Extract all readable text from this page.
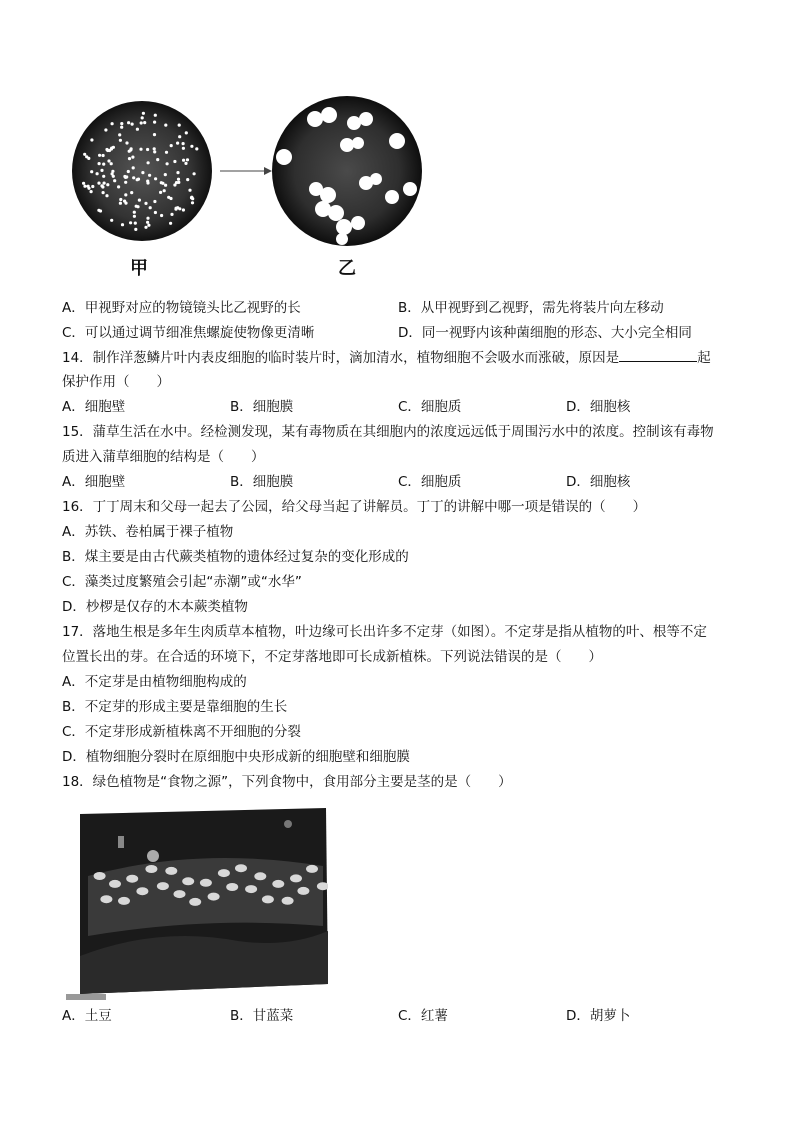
甲	乙
A．甲视野对应的物镜镜头比乙视野的长	B．从甲视野到乙视野，需先将装片向左移动
C．可以通过调节细准焦螺旋使物像更清晰	D．同一视野内该种菌细胞的形态、大小完全相同
14．制作洋葱鳞片叶内表皮细胞的临时装片时，滴加清水，植物细胞不会吸水而涨破，原因是	起
保护作用（　　）
A．细胞壁	B．细胞膜	C．细胞质	D．细胞核
15．蒲草生活在水中。经检测发现，某有毒物质在其细胞内的浓度远远低于周围污水中的浓度。控制该有毒物
质进入蒲草细胞的结构是（　　）
A．细胞壁	B．细胞膜	C．细胞质	D．细胞核
16．丁丁周末和父母一起去了公园，给父母当起了讲解员。丁丁的讲解中哪一项是错误的（　　）
A．苏铁、卷柏属于裸子植物
B．煤主要是由古代蕨类植物的遗体经过复杂的变化形成的
C．藻类过度繁殖会引起“赤潮”或“水华”
D．杪椤是仅存的木本蕨类植物
17．落地生根是多年生肉质草本植物，叶边缘可长出许多不定芽（如图）。不定芽是指从植物的叶、根等不定
位置长出的芽。在合适的环境下，不定芽落地即可长成新植株。下列说法错误的是（　　）
A．不定芽是由植物细胞构成的
B．不定芽的形成主要是靠细胞的生长
C．不定芽形成新植株离不开细胞的分裂
D．植物细胞分裂时在原细胞中央形成新的细胞壁和细胞膜
18．绿色植物是“食物之源”，下列食物中，食用部分主要是茎的是（　　）
A．土豆	B．甘蓝菜	C．红薯	D．胡萝卜
